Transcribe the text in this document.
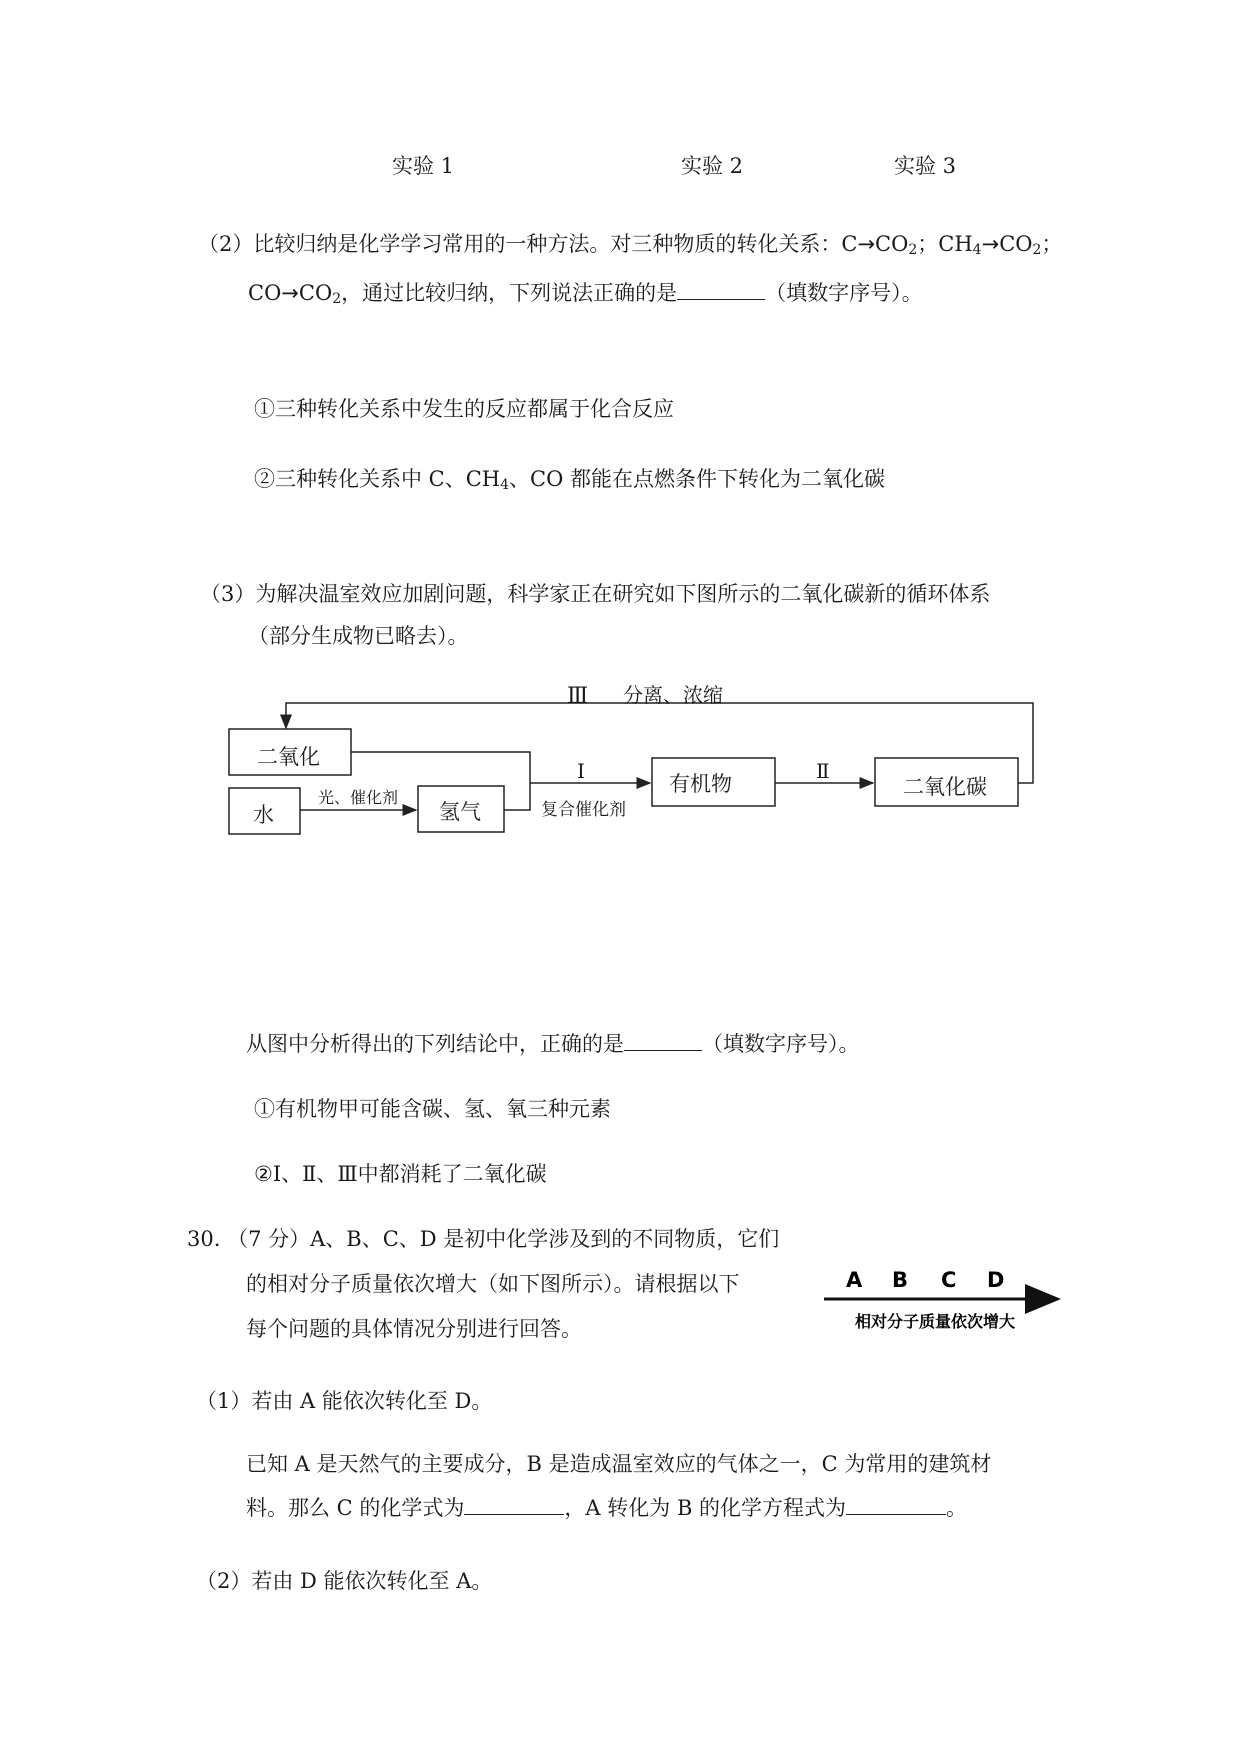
实验 1	实验 2	实验 3
（2）比较归纳是化学学习常用的一种方法。对三种物质的转化关系：$C\to CO_2$；$CH_4\to CO_2$；
$CO\to CO_2$，通过比较归纳，下列说法正确的是	（填数字序号）。
①三种转化关系中发生的反应都属于化合反应
②三种转化关系中 C、$CH_4$、CO 都能在点燃条件下转化为二氧化碳
（3）为解决温室效应加剧问题，科学家正在研究如下图所示的二氧化碳新的循环体系
（部分生成物已略去）。
二氧化
水	氢气
有机物	二氧化碳
Ⅲ 分离、浓缩
光、催化剂
Ⅰ
复合催化剂
Ⅱ
从图中分析得出的下列结论中，正确的是	（填数字序号）。
①有机物甲可能含碳、氢、氧三种元素
②Ⅰ、Ⅱ、Ⅲ中都消耗了二氧化碳
30. （7 分）A、B、C、D 是初中化学涉及到的不同物质，它们
的相对分子质量依次增大（如下图所示）。请根据以下
每个问题的具体情况分别进行回答。
A B C D
相对分子质量依次增大
（1）若由 A 能依次转化至 D。
已知 A 是天然气的主要成分，B 是造成温室效应的气体之一，C 为常用的建筑材
料。那么 C 的化学式为	，A 转化为 B 的化学方程式为	。
（2）若由 D 能依次转化至 A。
